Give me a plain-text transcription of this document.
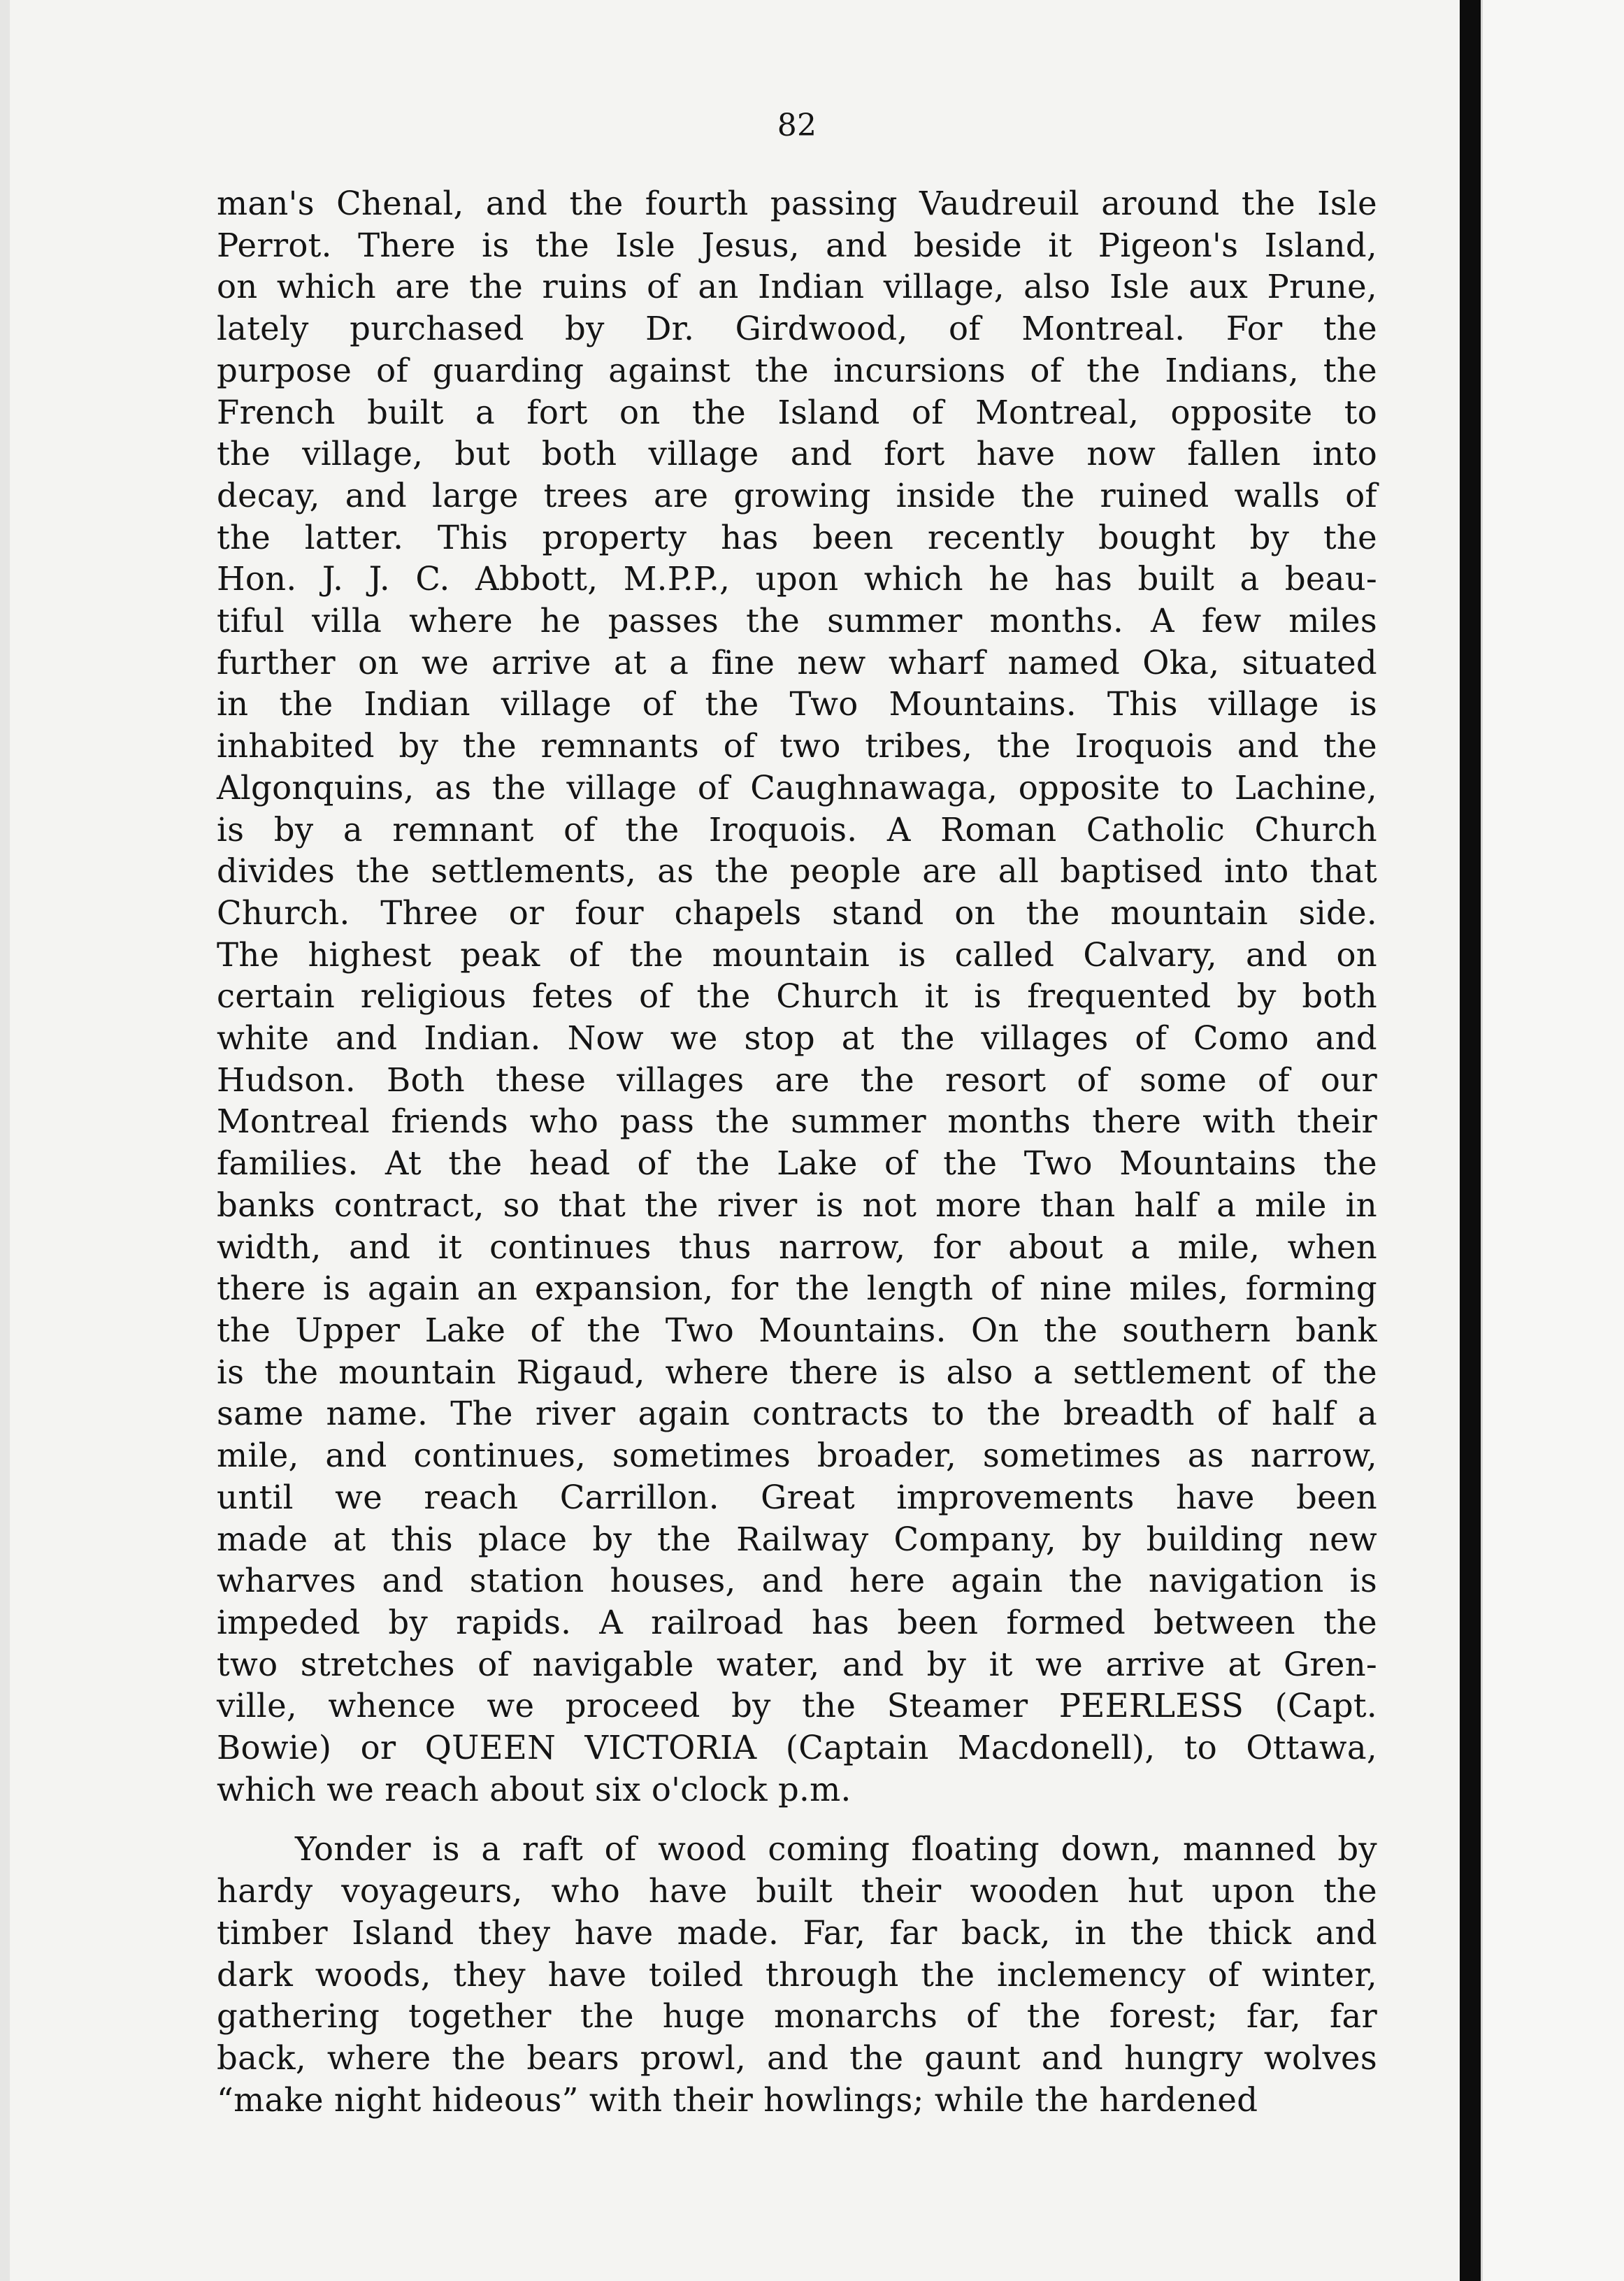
82
man's Chenal, and the fourth passing Vaudreuil around the Isle
Perrot. There is the Isle Jesus, and beside it Pigeon's Island,
on which are the ruins of an Indian village, also Isle aux Prune,
lately purchased by Dr. Girdwood, of Montreal. For the
purpose of guarding against the incursions of the Indians, the
French built a fort on the Island of Montreal, opposite to
the village, but both village and fort have now fallen into
decay, and large trees are growing inside the ruined walls of
the latter. This property has been recently bought by the
Hon. J. J. C. Abbott, M.P.P., upon which he has built a beau-
tiful villa where he passes the summer months. A few miles
further on we arrive at a fine new wharf named Oka, situated
in the Indian village of the Two Mountains. This village is
inhabited by the remnants of two tribes, the Iroquois and the
Algonquins, as the village of Caughnawaga, opposite to Lachine,
is by a remnant of the Iroquois. A Roman Catholic Church
divides the settlements, as the people are all baptised into that
Church. Three or four chapels stand on the mountain side.
The highest peak of the mountain is called Calvary, and on
certain religious fetes of the Church it is frequented by both
white and Indian. Now we stop at the villages of Como and
Hudson. Both these villages are the resort of some of our
Montreal friends who pass the summer months there with their
families. At the head of the Lake of the Two Mountains the
banks contract, so that the river is not more than half a mile in
width, and it continues thus narrow, for about a mile, when
there is again an expansion, for the length of nine miles, forming
the Upper Lake of the Two Mountains. On the southern bank
is the mountain Rigaud, where there is also a settlement of the
same name. The river again contracts to the breadth of half a
mile, and continues, sometimes broader, sometimes as narrow,
until we reach Carrillon. Great improvements have been
made at this place by the Railway Company, by building new
wharves and station houses, and here again the navigation is
impeded by rapids. A railroad has been formed between the
two stretches of navigable water, and by it we arrive at Gren-
ville, whence we proceed by the Steamer PEERLESS (Capt.
Bowie) or QUEEN VICTORIA (Captain Macdonell), to Ottawa,
which we reach about six o'clock p.m.
Yonder is a raft of wood coming floating down, manned by
hardy voyageurs, who have built their wooden hut upon the
timber Island they have made. Far, far back, in the thick and
dark woods, they have toiled through the inclemency of winter,
gathering together the huge monarchs of the forest; far, far
back, where the bears prowl, and the gaunt and hungry wolves
“make night hideous” with their howlings; while the hardened
